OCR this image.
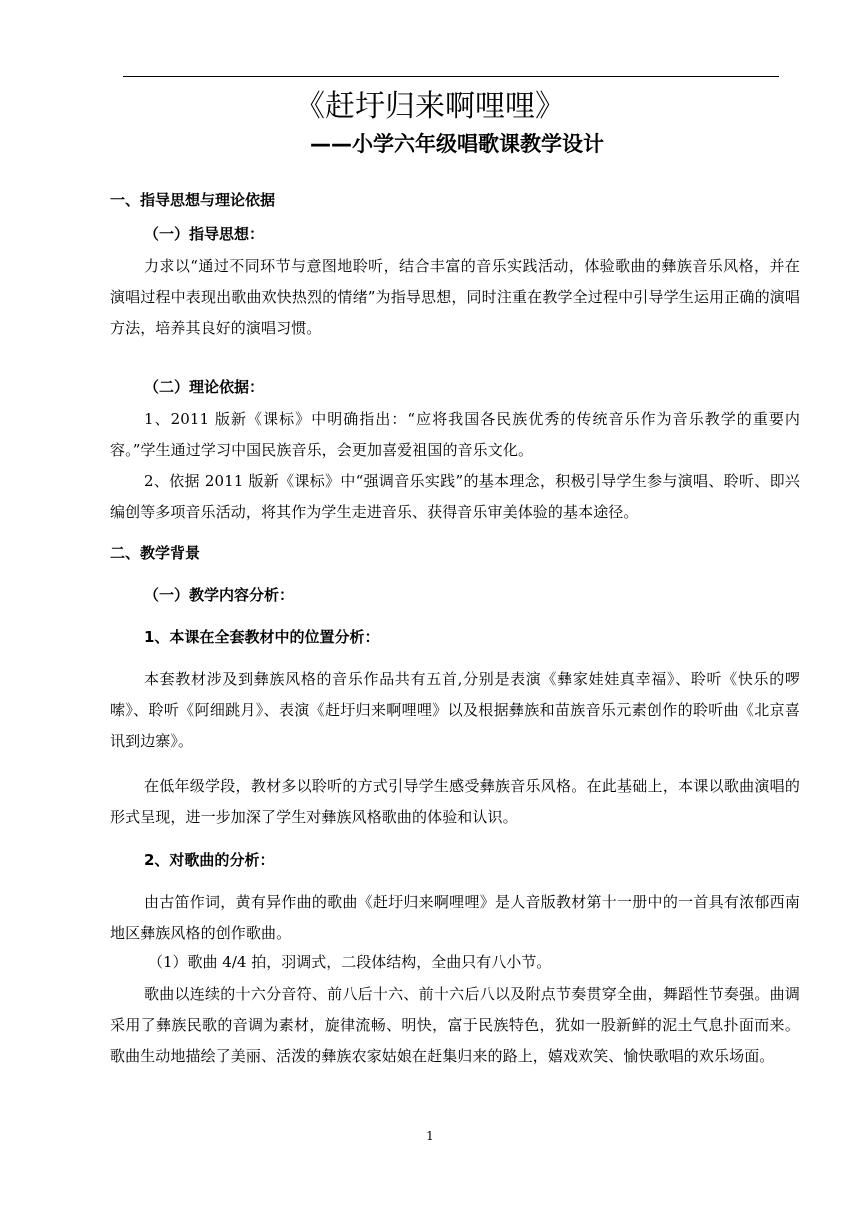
《赶圩归来啊哩哩》
——小学六年级唱歌课教学设计

一、指导思想与理论依据

（一）指导思想：

力求以“通过不同环节与意图地聆听，结合丰富的音乐实践活动，体验歌曲的彝族音乐风格，并在演唱过程中表现出歌曲欢快热烈的情绪”为指导思想，同时注重在教学全过程中引导学生运用正确的演唱方法，培养其良好的演唱习惯。

（二）理论依据：

1、2011 版新《课标》中明确指出：“应将我国各民族优秀的传统音乐作为音乐教学的重要内容。”学生通过学习中国民族音乐，会更加喜爱祖国的音乐文化。

2、依据 2011 版新《课标》中“强调音乐实践”的基本理念，积极引导学生参与演唱、聆听、即兴编创等多项音乐活动，将其作为学生走进音乐、获得音乐审美体验的基本途径。

二、教学背景

（一）教学内容分析：

1、本课在全套教材中的位置分析：

本套教材涉及到彝族风格的音乐作品共有五首,分别是表演《彝家娃娃真幸福》、聆听《快乐的啰嗦》、聆听《阿细跳月》、表演《赶圩归来啊哩哩》以及根据彝族和苗族音乐元素创作的聆听曲《北京喜讯到边寨》。

在低年级学段，教材多以聆听的方式引导学生感受彝族音乐风格。在此基础上，本课以歌曲演唱的形式呈现，进一步加深了学生对彝族风格歌曲的体验和认识。

2、对歌曲的分析：

由古笛作词，黄有异作曲的歌曲《赶圩归来啊哩哩》是人音版教材第十一册中的一首具有浓郁西南地区彝族风格的创作歌曲。

（1）歌曲 4/4 拍，羽调式，二段体结构，全曲只有八小节。

歌曲以连续的十六分音符、前八后十六、前十六后八以及附点节奏贯穿全曲，舞蹈性节奏强。曲调采用了彝族民歌的音调为素材，旋律流畅、明快，富于民族特色，犹如一股新鲜的泥土气息扑面而来。歌曲生动地描绘了美丽、活泼的彝族农家姑娘在赶集归来的路上，嬉戏欢笑、愉快歌唱的欢乐场面。

1
